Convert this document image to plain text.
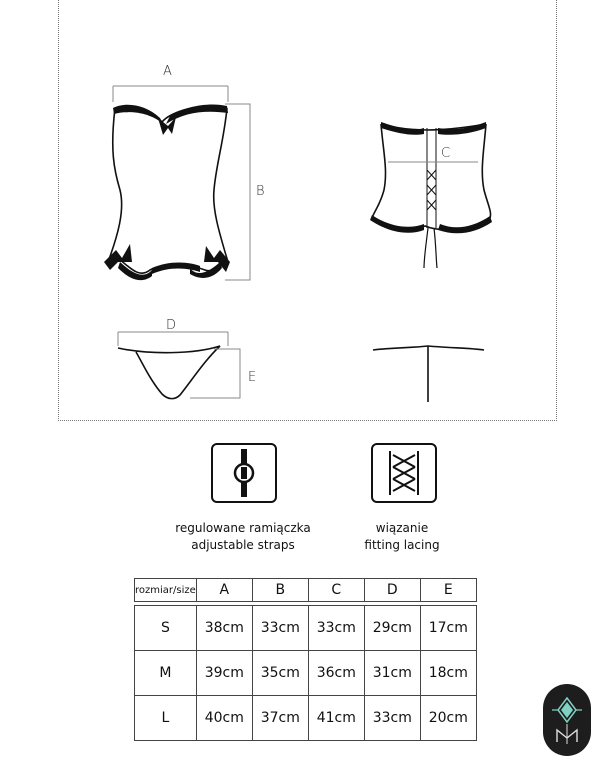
A
B
C
D
E
regulowane ramiączka
adjustable straps
wiązanie
fitting lacing
rozmiar/size	A	B	C	D	E

S	38cm	33cm	33cm	29cm	17cm
M	39cm	35cm	36cm	31cm	18cm
L	40cm	37cm	41cm	33cm	20cm
